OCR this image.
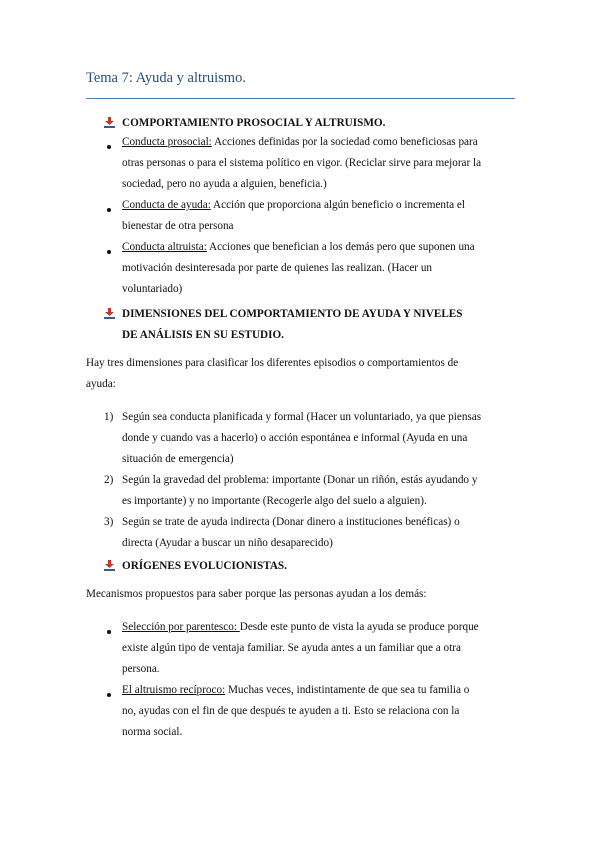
Tema 7: Ayuda y altruismo.
COMPORTAMIENTO PROSOCIAL Y ALTRUISMO.
Conducta prosocial: Acciones definidas por la sociedad como beneficiosas para
otras personas o para el sistema político en vigor. (Reciclar sirve para mejorar la
sociedad, pero no ayuda a alguien, beneficia.)
Conducta de ayuda: Acción que proporciona algún beneficio o incrementa el
bienestar de otra persona
Conducta altruista: Acciones que benefician a los demás pero que suponen una
motivación desinteresada por parte de quienes las realizan. (Hacer un
voluntariado)
DIMENSIONES DEL COMPORTAMIENTO DE AYUDA Y NIVELES
DE ANÁLISIS EN SU ESTUDIO.
Hay tres dimensiones para clasificar los diferentes episodios o comportamientos de
ayuda:
1) Según sea conducta planificada y formal (Hacer un voluntariado, ya que piensas
donde y cuando vas a hacerlo) o acción espontánea e informal (Ayuda en una
situación de emergencia)
2) Según la gravedad del problema: importante (Donar un riñón, estás ayudando y
es importante) y no importante (Recogerle algo del suelo a alguien).
3) Según se trate de ayuda indirecta (Donar dinero a instituciones benéficas) o
directa (Ayudar a buscar un niño desaparecido)
ORÍGENES EVOLUCIONISTAS.
Mecanismos propuestos para saber porque las personas ayudan a los demás:
Selección por parentesco: Desde este punto de vista la ayuda se produce porque
existe algún tipo de ventaja familiar. Se ayuda antes a un familiar que a otra
persona.
El altruismo recíproco: Muchas veces, indistintamente de que sea tu familia o
no, ayudas con el fin de que después te ayuden a ti. Esto se relaciona con la
norma social.
